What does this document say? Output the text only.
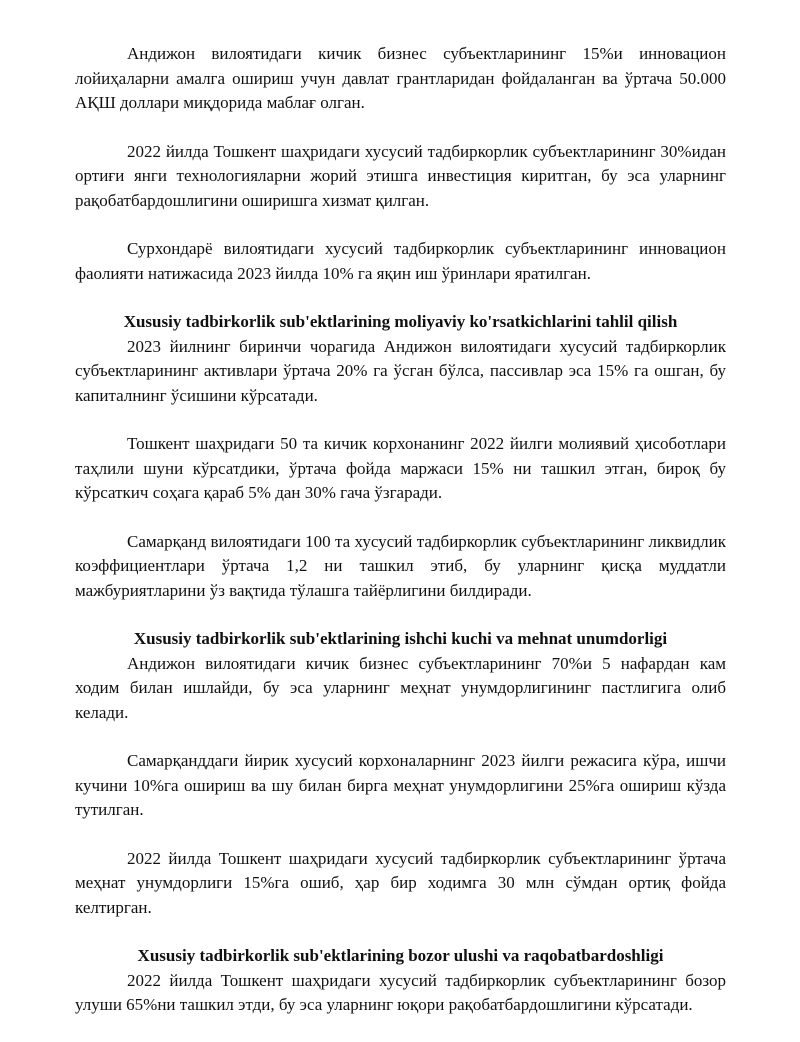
Андижон вилоятидаги кичик бизнес субъектларининг 15%и инновацион лойиҳаларни амалга ошириш учун давлат грантларидан фойдаланган ва ўртача 50.000 АҚШ доллари миқдорида маблағ олган.

2022 йилда Тошкент шаҳридаги хусусий тадбиркорлик субъектларининг 30%идан ортиғи янги технологияларни жорий этишга инвестиция киритган, бу эса уларнинг рақобатбардошлигини оширишга хизмат қилган.

Сурхондарё вилоятидаги хусусий тадбиркорлик субъектларининг инновацион фаолияти натижасида 2023 йилда 10% га яқин иш ўринлари яратилган.

Xususiy tadbirkorlik sub'ektlarining moliyaviy ko'rsatkichlarini tahlil qilish

2023 йилнинг биринчи чорагида Андижон вилоятидаги хусусий тадбиркорлик субъектларининг активлари ўртача 20% га ўсган бўлса, пассивлар эса 15% га ошган, бу капиталнинг ўсишини кўрсатади.

Тошкент шаҳридаги 50 та кичик корхонанинг 2022 йилги молиявий ҳисоботлари таҳлили шуни кўрсатдики, ўртача фойда маржаси 15% ни ташкил этган, бироқ бу кўрсаткич соҳага қараб 5% дан 30% гача ўзгаради.

Самарқанд вилоятидаги 100 та хусусий тадбиркорлик субъектларининг ликвидлик коэффициентлари ўртача 1,2 ни ташкил этиб, бу уларнинг қисқа муддатли мажбуриятларини ўз вақтида тўлашга тайёрлигини билдиради.

Xususiy tadbirkorlik sub'ektlarining ishchi kuchi va mehnat unumdorligi

Андижон вилоятидаги кичик бизнес субъектларининг 70%и 5 нафардан кам ходим билан ишлайди, бу эса уларнинг меҳнат унумдорлигининг пастлигига олиб келади.

Самарқанддаги йирик хусусий корхоналарнинг 2023 йилги режасига кўра, ишчи кучини 10%га ошириш ва шу билан бирга меҳнат унумдорлигини 25%га ошириш кўзда тутилган.

2022 йилда Тошкент шаҳридаги хусусий тадбиркорлик субъектларининг ўртача меҳнат унумдорлиги 15%га ошиб, ҳар бир ходимга 30 млн сўмдан ортиқ фойда келтирган.

Xususiy tadbirkorlik sub'ektlarining bozor ulushi va raqobatbardoshligi

2022 йилда Тошкент шаҳридаги хусусий тадбиркорлик субъектларининг бозор улуши 65%ни ташкил этди, бу эса уларнинг юқори рақобатбардошлигини кўрсатади.
